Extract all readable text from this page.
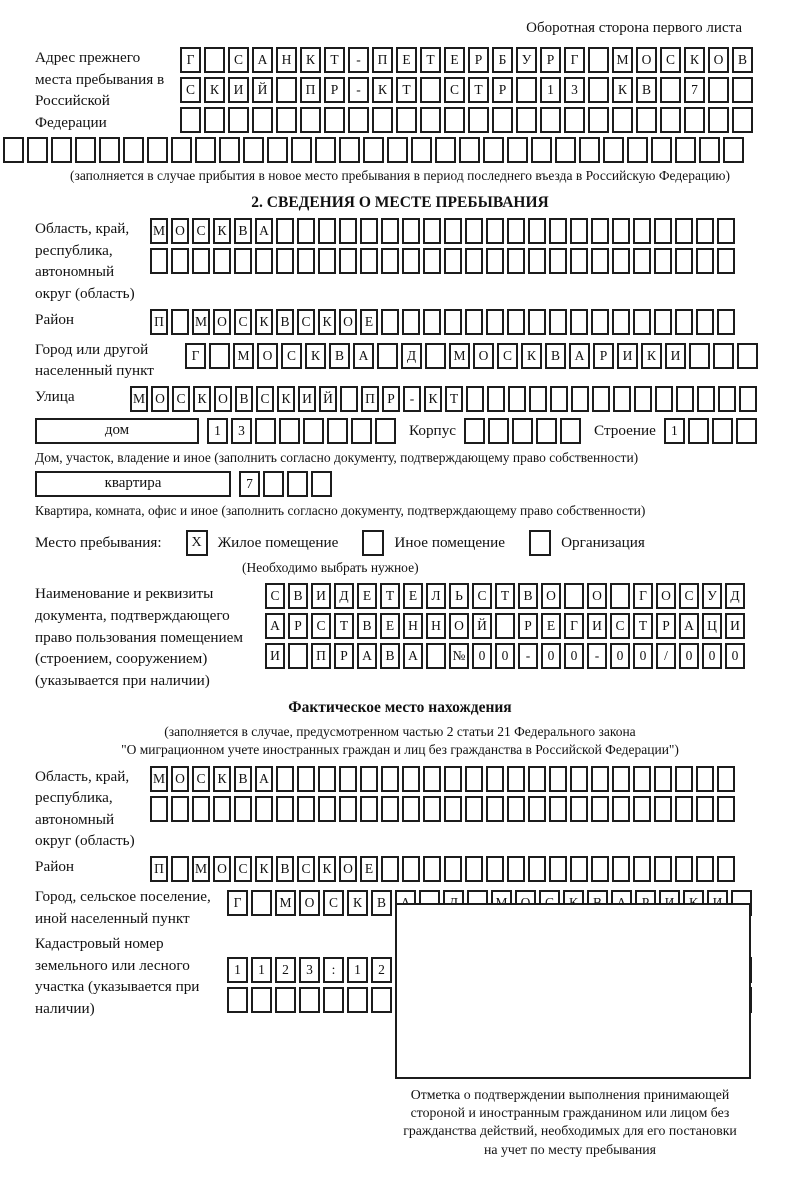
Оборотная сторона первого листа
Адрес прежнего места пребывания в Российской Федерации
Г	С	А	Н	К	Т	-	П	Е	Т	Е	Р	Б	У	Р	Г	М О	С	К	О	В
С	К	И	Й	П	Р	-	К	Т	С	Т	Р	1	3	К	В	7
(заполняется в случае прибытия в новое место пребывания в период последнего въезда в Российскую Федерацию)
2. СВЕДЕНИЯ О МЕСТЕ ПРЕБЫВАНИЯ
Область, край, республика, автономный округ (область)
М О С К В А
Район	П	М О С К В С К О Е
Город или другой населенный пункт
Г	М О	С	К	В	А	Д	М О	С	К	В	А	Р	И	К	И
Улица	М О С К О В С К И Й	П Р	-	К Т
дом	1	3	Корпус	Строение	1
Дом, участок, владение и иное (заполнить согласно документу, подтверждающему право собственности)
квартира	7
Квартира, комната, офис и иное (заполнить согласно документу, подтверждающему право собственности)
Место пребывания:	X	Жилое помещение	Иное помещение	Организация
(Необходимо выбрать нужное)
Наименование и реквизиты документа, подтверждающего право пользования помещением (строением, сооружением) (указывается при наличии)
С	В	И	Д	Е	Т	Е	Л	Ь	С	Т	В	О	О	Г	О	С	У	Д
А	Р	С	Т	В	Е	Н Н О Й	Р	Е	Г	И	С	Т	Р	А Ц И
И	П	Р	А	В	А	№ 0	0	-	0	0	-	0	0	/	0	0	0
Фактическое место нахождения
(заполняется в случае, предусмотренном частью 2 статьи 21 Федерального закона
"О миграционном учете иностранных граждан и лиц без гражданства в Российской Федерации")
Область, край, республика, автономный округ (область)
М О С К В А
Район	П	М О С К В С К О Е
Город, сельское поселение, иной населенный пункт
Г	М О	С	К	В
Кадастровый номер земельного или лесного участка (указывается при наличии)
1	1	2	3	:	1	2
Отметка о подтверждении выполнения принимающей
стороной и иностранным гражданином или лицом без
гражданства действий, необходимых для его постановки
на учет по месту пребывания
